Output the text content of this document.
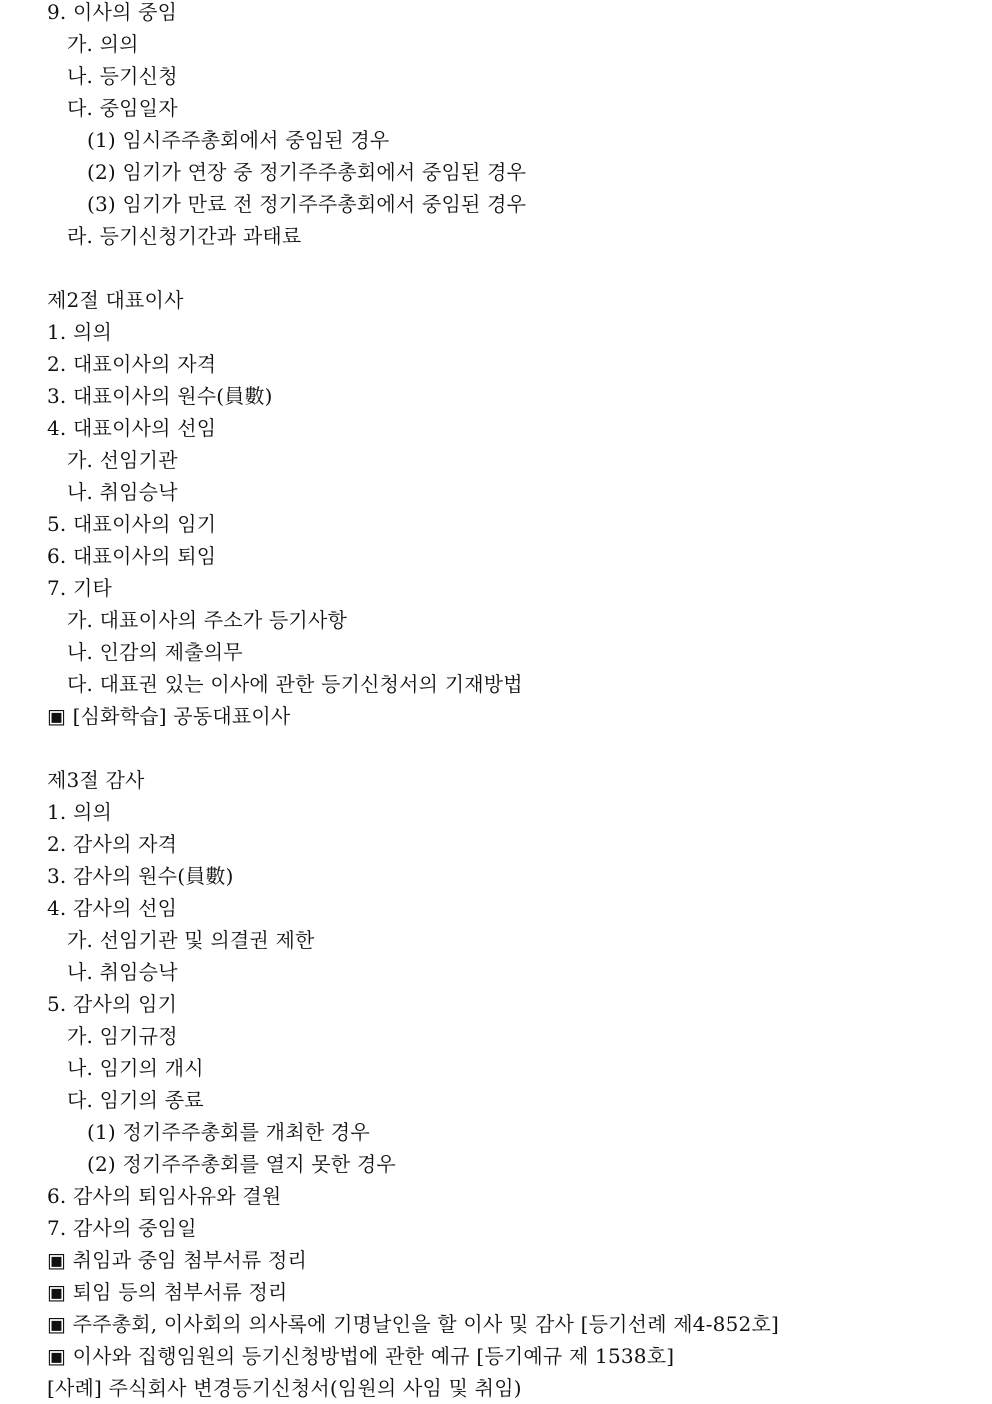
9. 이사의 중임
가. 의의
나. 등기신청
다. 중임일자
(1) 임시주주총회에서 중임된 경우
(2) 임기가 연장 중 정기주주총회에서 중임된 경우
(3) 임기가 만료 전 정기주주총회에서 중임된 경우
라. 등기신청기간과 과태료
제2절 대표이사
1. 의의
2. 대표이사의 자격
3. 대표이사의 원수(員數)
4. 대표이사의 선임
가. 선임기관
나. 취임승낙
5. 대표이사의 임기
6. 대표이사의 퇴임
7. 기타
가. 대표이사의 주소가 등기사항
나. 인감의 제출의무
다. 대표권 있는 이사에 관한 등기신청서의 기재방법
▣ [심화학습] 공동대표이사
제3절 감사
1. 의의
2. 감사의 자격
3. 감사의 원수(員數)
4. 감사의 선임
가. 선임기관 및 의결권 제한
나. 취임승낙
5. 감사의 임기
가. 임기규정
나. 임기의 개시
다. 임기의 종료
(1) 정기주주총회를 개최한 경우
(2) 정기주주총회를 열지 못한 경우
6. 감사의 퇴임사유와 결원
7. 감사의 중임일
▣ 취임과 중임 첨부서류 정리
▣ 퇴임 등의 첨부서류 정리
▣ 주주총회, 이사회의 의사록에 기명날인을 할 이사 및 감사 [등기선례 제4-852호]
▣ 이사와 집행임원의 등기신청방법에 관한 예규 [등기예규 제 1538호]
[사례] 주식회사 변경등기신청서(임원의 사임 및 취임)
